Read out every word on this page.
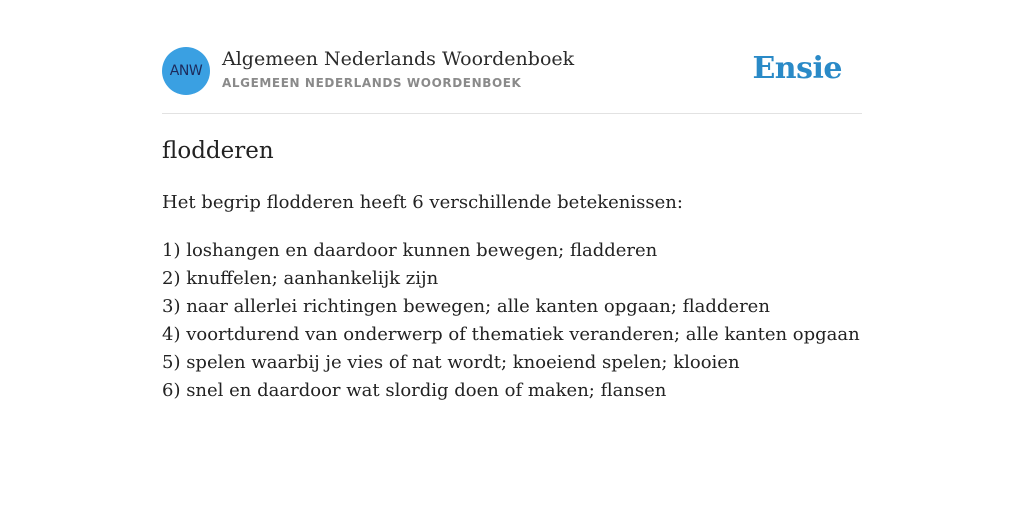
ANW
Algemeen Nederlands Woordenboek
ALGEMEEN NEDERLANDS WOORDENBOEK	Ensie
flodderen
Het begrip flodderen heeft 6 verschillende betekenissen:
1) loshangen en daardoor kunnen bewegen; fladderen
2) knuffelen; aanhankelijk zijn
3) naar allerlei richtingen bewegen; alle kanten opgaan; fladderen
4) voortdurend van onderwerp of thematiek veranderen; alle kanten opgaan
5) spelen waarbij je vies of nat wordt; knoeiend spelen; klooien
6) snel en daardoor wat slordig doen of maken; flansen
